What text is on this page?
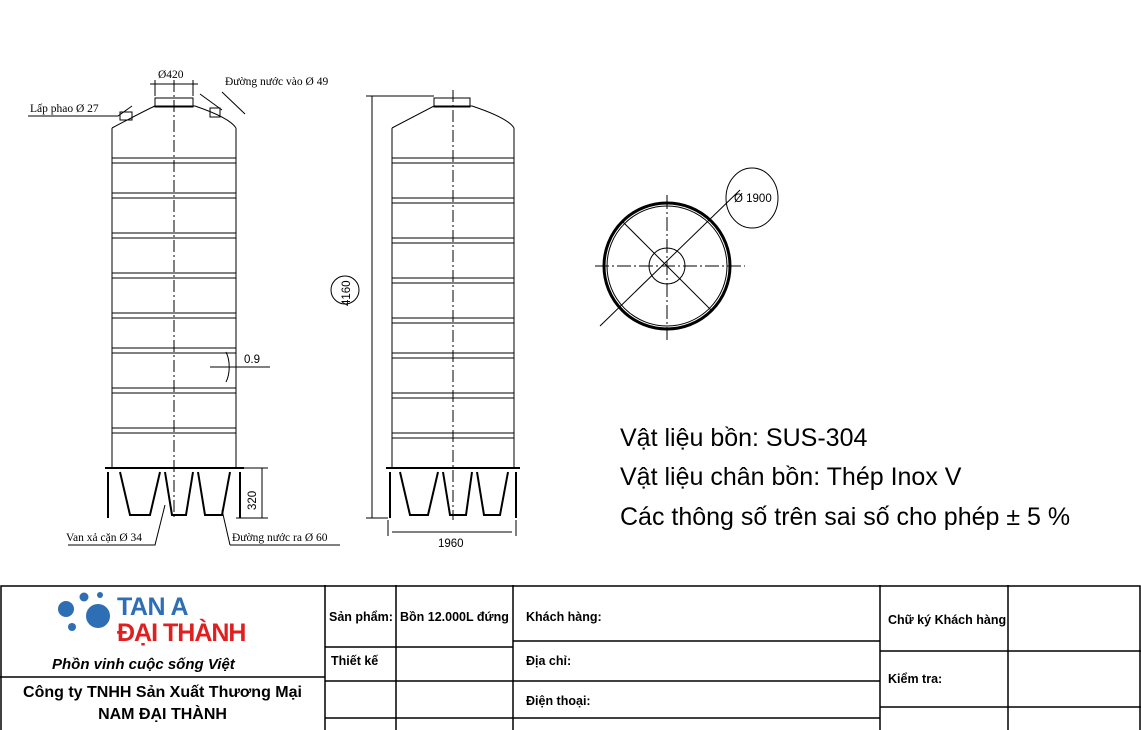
Ø420
Đường nước vào Ø 49
Lấp phao Ø 27
0.9
320
Van xả cặn Ø 34	Đường nước ra Ø 60
4160
1960
Ø 1900
Vật liệu bồn: SUS-304
Vật liệu chân bồn: Thép Inox V
Các thông số trên sai số cho phép ± 5 %
TAN A
ĐẠI THÀNH
Phồn vinh cuộc sống Việt
Công ty TNHH Sản Xuất Thương Mại
NAM ĐẠI THÀNH
Sản phẩm: Bồn 12.000L đứng
Thiết kế
Khách hàng:
Địa chỉ:
Điện thoại:
Chữ ký Khách hàng
Kiểm tra:
